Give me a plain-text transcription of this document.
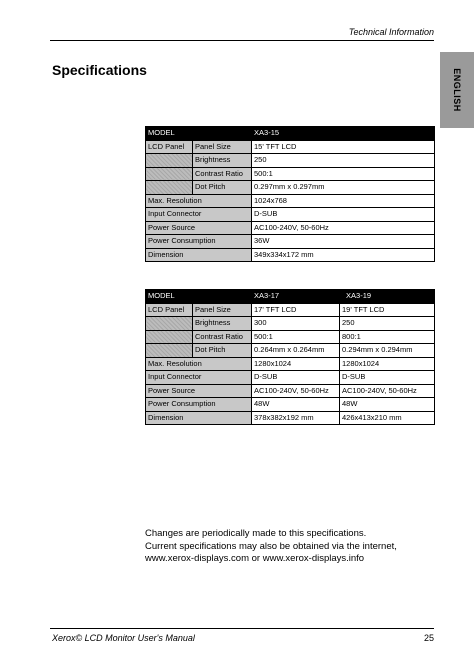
Technical Information
Specifications	ENGLISH
MODEL		XA3-15
LCD Panel	Panel Size	15' TFT LCD
	Brightness	250
	Contrast Ratio	500:1
	Dot Pitch	0.297mm x 0.297mm
Max. Resolution		1024x768
Input Connector		D-SUB
Power Source		AC100-240V, 50-60Hz
Power Consumption		36W
Dimension		349x334x172 mm
MODEL		XA3-17	XA3-19
LCD Panel	Panel Size	17' TFT LCD	19' TFT LCD
	Brightness	300	250
	Contrast Ratio	500:1	800:1
	Dot Pitch	0.264mm x 0.264mm	0.294mm x 0.294mm
Max. Resolution		1280x1024	1280x1024
Input Connector		D-SUB	D-SUB
Power Source		AC100-240V, 50-60Hz	AC100-240V, 50-60Hz
Power Consumption		48W	48W
Dimension		378x382x192 mm	426x413x210 mm
Changes are periodically made to this specifications.
Current specifications may also be obtained via the internet,
www.xerox-displays.com or www.xerox-displays.info
Xerox© LCD Monitor User's Manual	25
